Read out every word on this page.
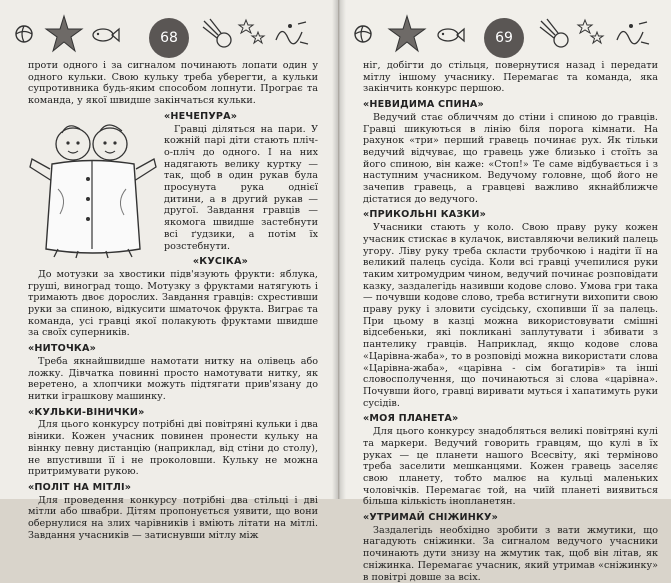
68

проти одного і за сигналом починають лопати один у одного кульки. Свою кульку треба уберегти, а кульки супротивника будь-яким способом лопнути. Програє та команда, у якої швидше закінчаться кульки.

«НЕЧЕПУРА»

Гравці діляться на пари. У кожній парі діти стають пліч-о-пліч до одного. І на них надягають велику куртку — так, щоб в один рукав була просунута рука однієї дитини, а в другий рукав — другої. Завдання гравців — якомога швидше застебнути всі ґудзики, а потім їх розстебнути.

«КУСІКА»

До мотузки за хвостики підв'язують фрукти: яблука, груші, виноград тощо. Мотузку з фруктами натягують і тримають двоє дорослих. Завдання гравців: схрестивши руки за спиною, відкусити шматочок фрукта. Виграє та команда, усі гравці якої полакують фруктами швидше за своїх суперників.

«НИТОЧКА»

Треба якнайшвидше намотати нитку на олівець або ложку. Дівчатка повинні просто намотувати нитку, як веретено, а хлопчики можуть підтягати прив'язану до нитки іграшкову машинку.

«КУЛЬКИ-ВІНИЧКИ»

Для цього конкурсу потрібні дві повітряні кульки і два віники. Кожен учасник повинен пронести кульку на віннку певну дистанцію (наприклад, від стіни до столу), не впустивши її і не проколовши. Кульку не можна притримувати рукою.

«ПОЛІТ НА МІТЛІ»

Для проведення конкурсу потрібні два стільці і дві мітли або швабри. Дітям пропонується уявити, що вони обернулися на злих чарівників і вміють літати на мітлі. Завдання учасників — затиснувши мітлу між

69

ніг, добігти до стільця, повернутися назад і передати мітлу іншому учаснику. Перемагає та команда, яка закінчить конкурс першою.

«НЕВИДИМА СПИНА»

Ведучий стає обличчям до стіни і спиною до гравців. Гравці шикуються в лінію біля порога кімнати. На рахунок «три» перший гравець починає рух. Як тільки ведучий відчуває, що гравець уже близько і стоїть за його спиною, він каже: «Стоп!» Те саме відбувається і з наступним учасником. Ведучому головне, щоб його не зачепив гравець, а гравцеві важливо якнайближче дістатися до ведучого.

«ПРИКОЛЬНІ КАЗКИ»

Учасники стають у коло. Свою праву руку кожен учасник стискає в кулачок, виставляючи великий палець угору. Ліву руку треба скласти трубочкою і надіти її на великий палець сусіда. Коли всі гравці учепилися руки таким хитромудрим чином, ведучий починає розповідати казку, заздалегідь називши кодове слово. Умова гри така — почувши кодове слово, треба встигнути вихопити свою праву руку і зловити сусідську, схопивши її за палець. При цьому в казці можна використовувати смішні відсебеньки, які покликані заплутувати і збивати з пантелику гравців. Наприклад, якщо кодове слова «Царівна-жаба», то в розповіді можна використати слова «Царівна-жаба», «царівна - сім богатирів» та інші словосполучення, що починаються зі слова «царівна». Почувши його, гравці виривати муться і хапатимуть руки сусідів.

«МОЯ ПЛАНЕТА»

Для цього конкурсу знадобляться великі повітряні кулі та маркери. Ведучий говорить гравцям, що кулі в їх руках — це планети нашого Всесвіту, які терміново треба заселити мешканцями. Кожен гравець заселяє свою планету, тобто малює на кульці маленьких чоловічків. Перемагає той, на чиїй планеті виявиться більша кількість інопланетян.

«УТРИМАЙ СНІЖИНКУ»

Заздалегідь необхідно зробити з вати жмутики, що нагадують сніжинки. За сигналом ведучого учасники починають дути знизу на жмутик так, щоб він літав, як сніжинка. Перемагає учасник, який утримав «сніжинку» в повітрі довше за всіх.
